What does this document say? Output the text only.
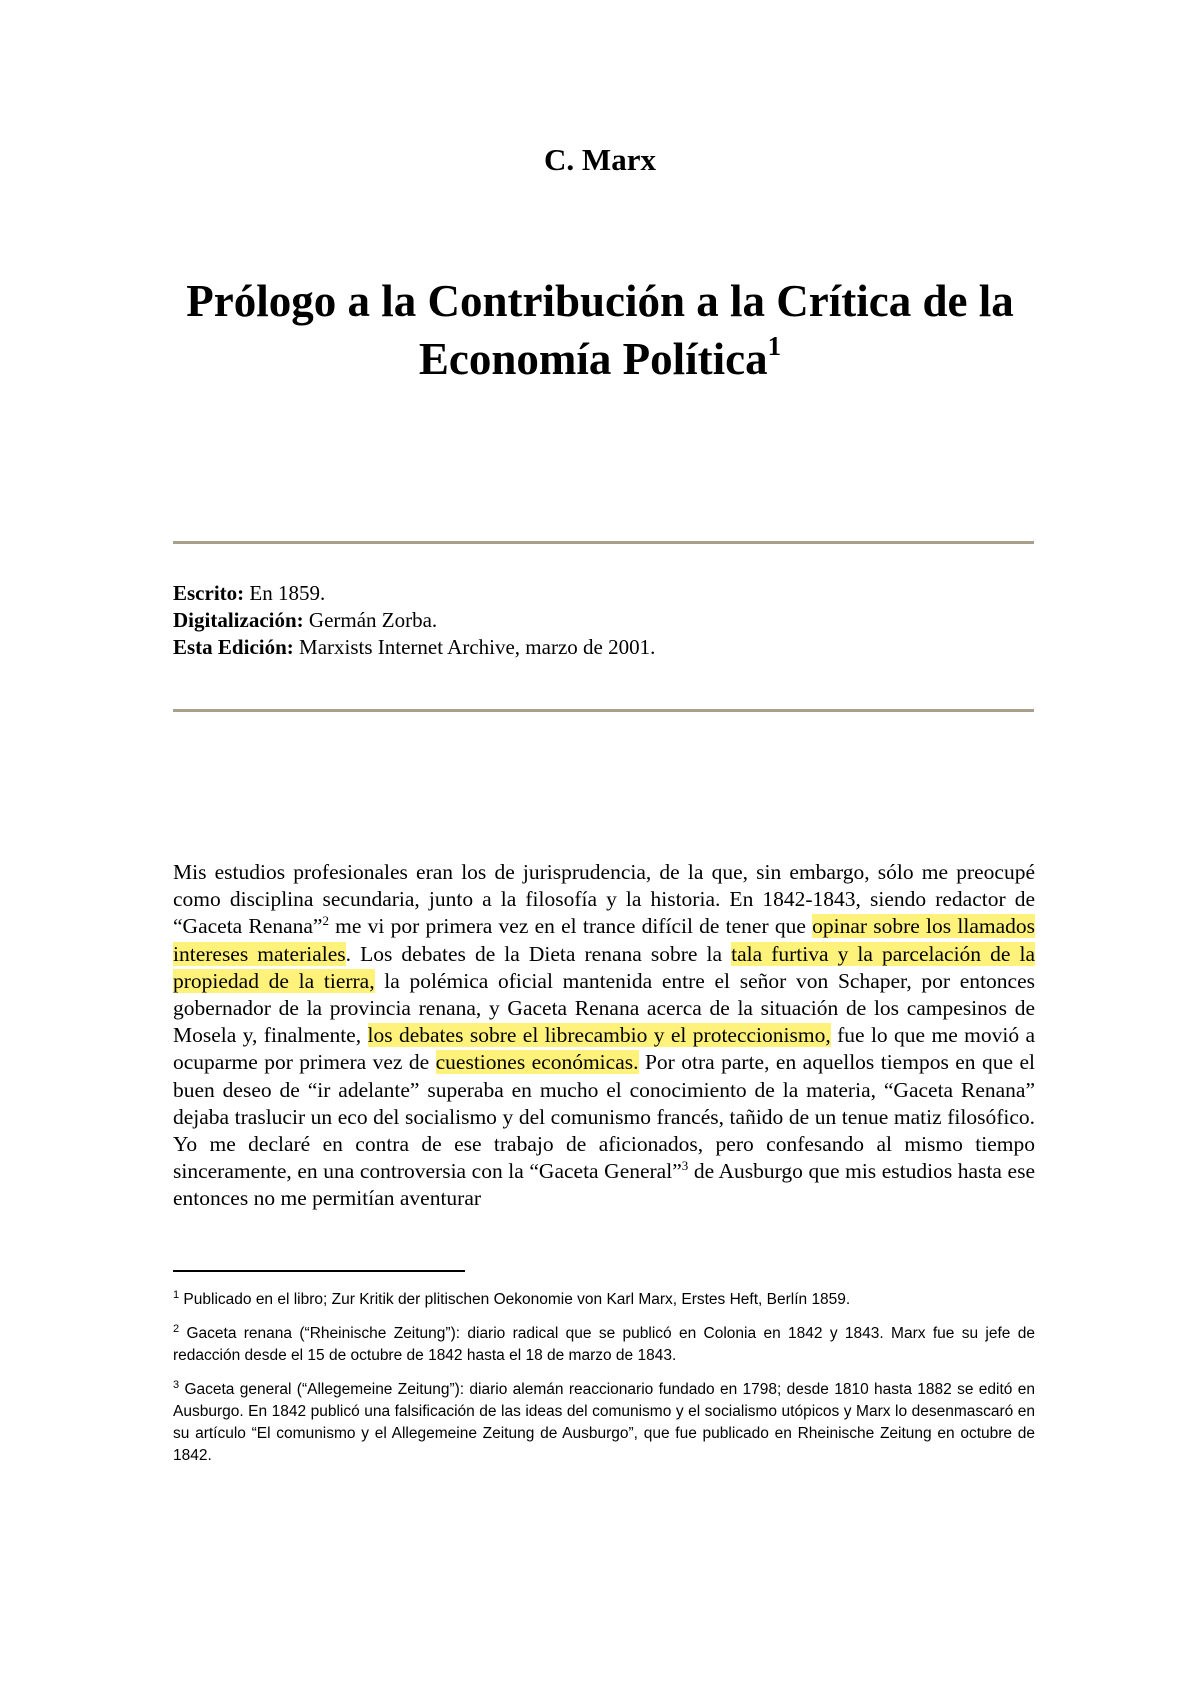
C. Marx
Prólogo a la Contribución a la Crítica de la Economía Política$^1$
Escrito: En 1859.
Digitalización: Germán Zorba.
Esta Edición: Marxists Internet Archive, marzo de 2001.
Mis estudios profesionales eran los de jurisprudencia, de la que, sin embargo, sólo me preocupé como disciplina secundaria, junto a la filosofía y la historia. En 1842-1843, siendo redactor de “Gaceta Renana”$^2$ me vi por primera vez en el trance difícil de tener que opinar sobre los llamados intereses materiales. Los debates de la Dieta renana sobre la tala furtiva y la parcelación de la propiedad de la tierra, la polémica oficial mantenida entre el señor von Schaper, por entonces gobernador de la provincia renana, y Gaceta Renana acerca de la situación de los campesinos de Mosela y, finalmente, los debates sobre el librecambio y el proteccionismo, fue lo que me movió a ocuparme por primera vez de cuestiones económicas. Por otra parte, en aquellos tiempos en que el buen deseo de “ir adelante” superaba en mucho el conocimiento de la materia, “Gaceta Renana” dejaba traslucir un eco del socialismo y del comunismo francés, tañido de un tenue matiz filosófico. Yo me declaré en contra de ese trabajo de aficionados, pero confesando al mismo tiempo sinceramente, en una controversia con la “Gaceta General”$^3$ de Ausburgo que mis estudios hasta ese entonces no me permitían aventurar

$^1$ Publicado en el libro; Zur Kritik der plitischen Oekonomie von Karl Marx, Erstes Heft, Berlín 1859.

$^2$ Gaceta renana (“Rheinische Zeitung”): diario radical que se publicó en Colonia en 1842 y 1843. Marx fue su jefe de redacción desde el 15 de octubre de 1842 hasta el 18 de marzo de 1843.

$^3$ Gaceta general (“Allegemeine Zeitung”): diario alemán reaccionario fundado en 1798; desde 1810 hasta 1882 se editó en Ausburgo. En 1842 publicó una falsificación de las ideas del comunismo y el socialismo utópicos y Marx lo desenmascaró en su artículo “El comunismo y el Allegemeine Zeitung de Ausburgo”, que fue publicado en Rheinische Zeitung en octubre de 1842.
